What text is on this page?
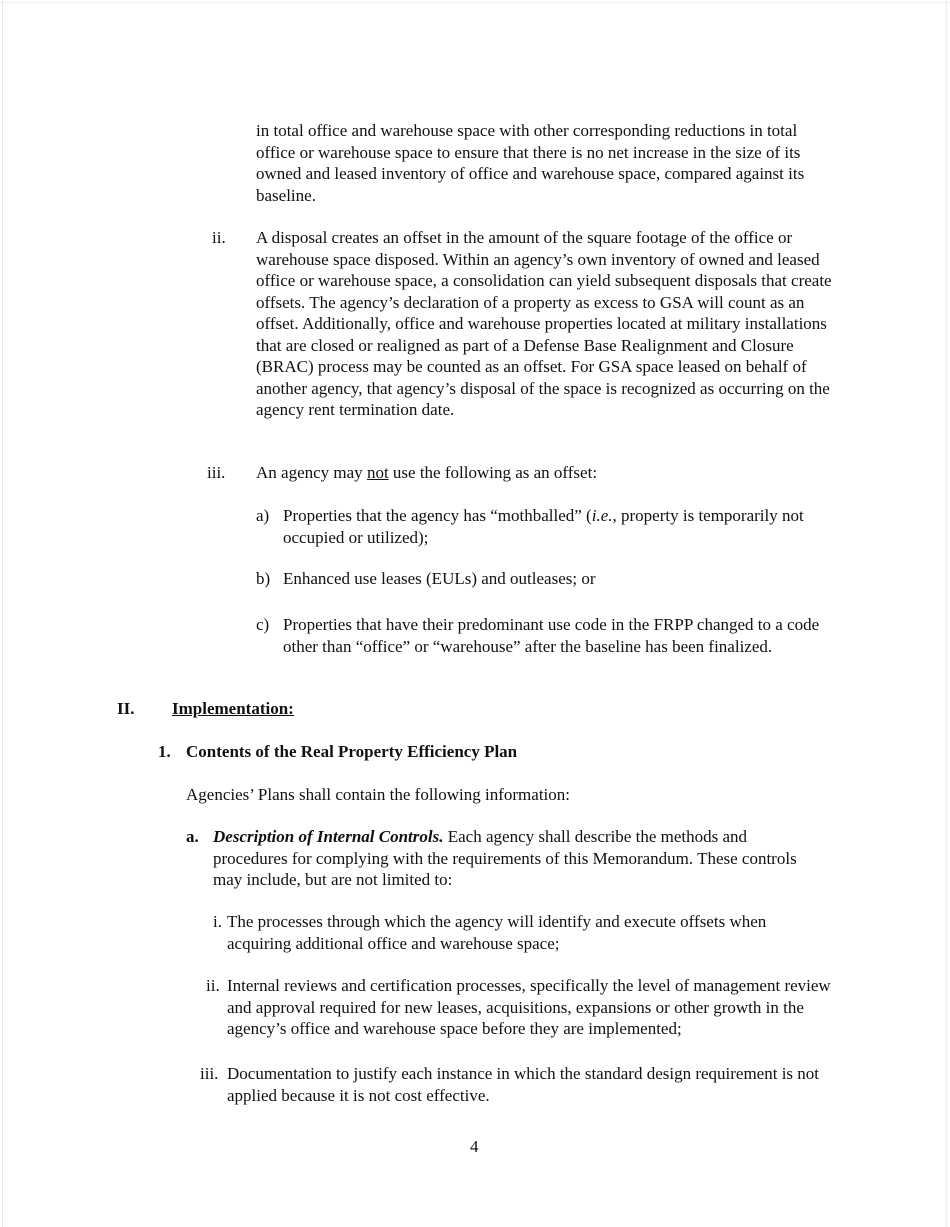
in total office and warehouse space with other corresponding reductions in total office or warehouse space to ensure that there is no net increase in the size of its owned and leased inventory of office and warehouse space, compared against its baseline.

ii. A disposal creates an offset in the amount of the square footage of the office or warehouse space disposed. Within an agency’s own inventory of owned and leased office or warehouse space, a consolidation can yield subsequent disposals that create offsets. The agency’s declaration of a property as excess to GSA will count as an offset. Additionally, office and warehouse properties located at military installations that are closed or realigned as part of a Defense Base Realignment and Closure (BRAC) process may be counted as an offset. For GSA space leased on behalf of another agency, that agency’s disposal of the space is recognized as occurring on the agency rent termination date.

iii. An agency may not use the following as an offset:

a) Properties that the agency has “mothballed” (i.e., property is temporarily not occupied or utilized);

b) Enhanced use leases (EULs) and outleases; or

c) Properties that have their predominant use code in the FRPP changed to a code other than “office” or “warehouse” after the baseline has been finalized.

II. Implementation:
1. Contents of the Real Property Efficiency Plan

Agencies’ Plans shall contain the following information:

a. Description of Internal Controls. Each agency shall describe the methods and procedures for complying with the requirements of this Memorandum. These controls may include, but are not limited to:

i. The processes through which the agency will identify and execute offsets when acquiring additional office and warehouse space;

ii. Internal reviews and certification processes, specifically the level of management review and approval required for new leases, acquisitions, expansions or other growth in the agency’s office and warehouse space before they are implemented;

iii. Documentation to justify each instance in which the standard design requirement is not applied because it is not cost effective.

4
